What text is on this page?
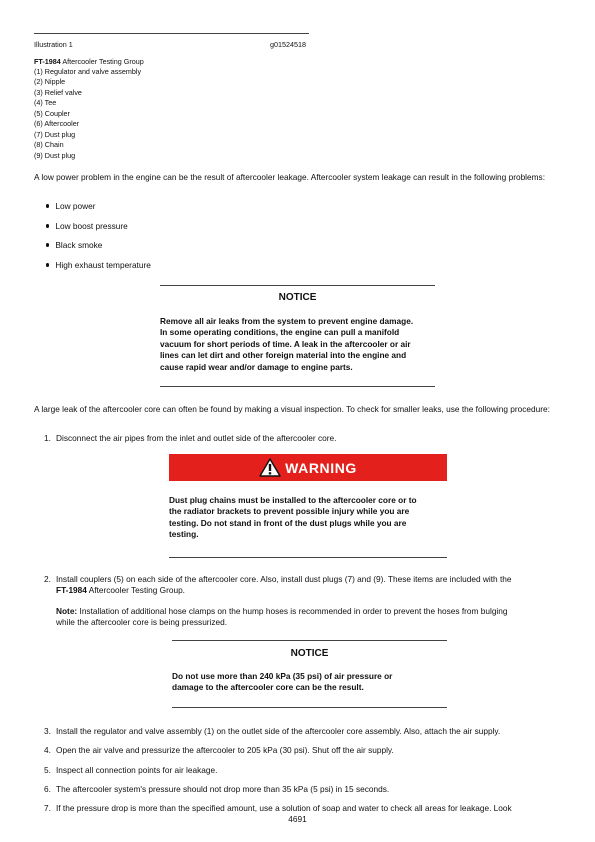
Illustration 1	g01524518
FT-1984 Aftercooler Testing Group
(1) Regulator and valve assembly
(2) Nipple
(3) Relief valve
(4) Tee
(5) Coupler
(6) Aftercooler
(7) Dust plug
(8) Chain
(9) Dust plug
A low power problem in the engine can be the result of aftercooler leakage. Aftercooler system leakage can result in the following problems:
Low power
Low boost pressure
Black smoke
High exhaust temperature
NOTICE
Remove all air leaks from the system to prevent engine damage.
In some operating conditions, the engine can pull a manifold
vacuum for short periods of time. A leak in the aftercooler or air
lines can let dirt and other foreign material into the engine and
cause rapid wear and/or damage to engine parts.
A large leak of the aftercooler core can often be found by making a visual inspection. To check for smaller leaks, use the following procedure:
1. Disconnect the air pipes from the inlet and outlet side of the aftercooler core.
WARNING
Dust plug chains must be installed to the aftercooler core or to
the radiator brackets to prevent possible injury while you are
testing. Do not stand in front of the dust plugs while you are
testing.
2. Install couplers (5) on each side of the aftercooler core. Also, install dust plugs (7) and (9). These items are included with the
FT-1984 Aftercooler Testing Group.
Note: Installation of additional hose clamps on the hump hoses is recommended in order to prevent the hoses from bulging
while the aftercooler core is being pressurized.
NOTICE
Do not use more than 240 kPa (35 psi) of air pressure or
damage to the aftercooler core can be the result.
3. Install the regulator and valve assembly (1) on the outlet side of the aftercooler core assembly. Also, attach the air supply.
4. Open the air valve and pressurize the aftercooler to 205 kPa (30 psi). Shut off the air supply.
5. Inspect all connection points for air leakage.
6. The aftercooler system's pressure should not drop more than 35 kPa (5 psi) in 15 seconds.
7. If the pressure drop is more than the specified amount, use a solution of soap and water to check all areas for leakage. Look
4691
